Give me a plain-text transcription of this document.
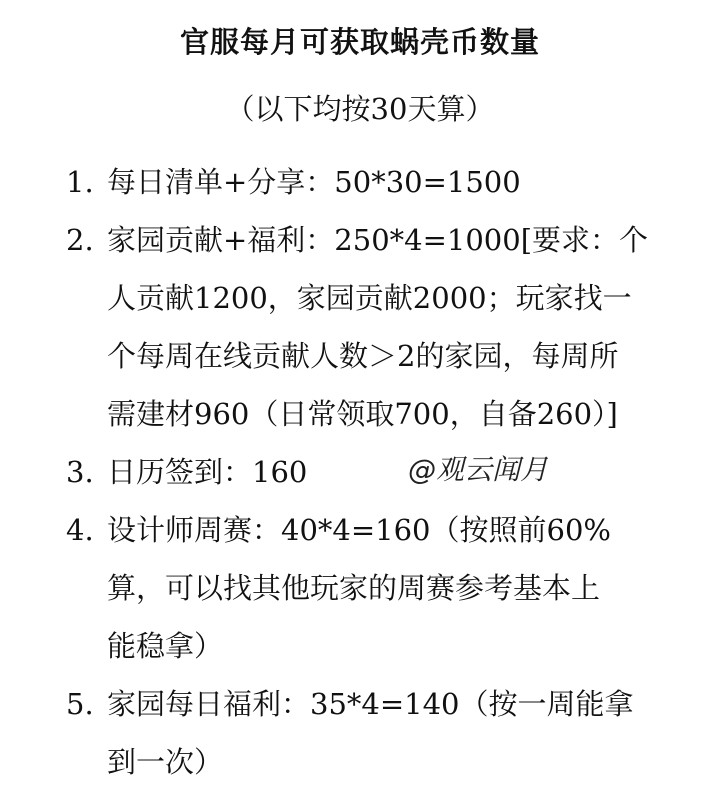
官服每月可获取蜗壳币数量
（以下均按30天算）
1. 每日清单+分享：50*30=1500
2. 家园贡献+福利：250*4=1000[要求：个
人贡献1200，家园贡献2000；玩家找一
个每周在线贡献人数＞2的家园，每周所
需建材960（日常领取700，自备260）]
3. 日历签到：160	@观云闻月
4. 设计师周赛：40*4=160（按照前60%
算，可以找其他玩家的周赛参考基本上
能稳拿）
5. 家园每日福利：35*4=140（按一周能拿
到一次）
